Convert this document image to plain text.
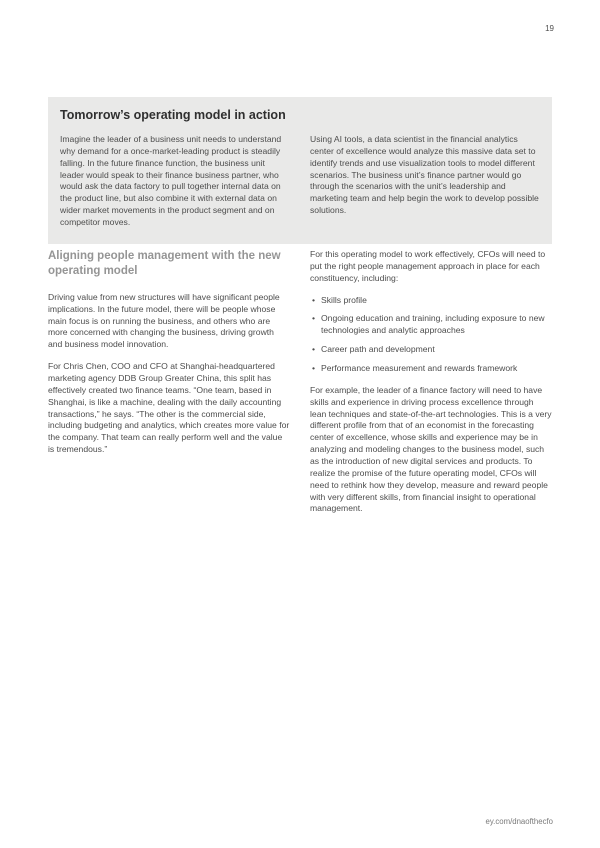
19
Tomorrow’s operating model in action

Imagine the leader of a business unit needs to understand why demand for a once-market-leading product is steadily falling. In the future finance function, the business unit leader would speak to their finance business partner, who would ask the data factory to pull together internal data on the product line, but also combine it with external data on wider market movements in the product segment and on competitor moves.

Using AI tools, a data scientist in the financial analytics center of excellence would analyze this massive data set to identify trends and use visualization tools to model different scenarios. The business unit’s finance partner would go through the scenarios with the unit’s leadership and marketing team and help begin the work to develop possible solutions.

Aligning people management with the new operating model

Driving value from new structures will have significant people implications. In the future model, there will be people whose main focus is on running the business, and others who are more concerned with changing the business, driving growth and business model innovation.

For Chris Chen, COO and CFO at Shanghai-headquartered marketing agency DDB Group Greater China, this split has effectively created two finance teams. “One team, based in Shanghai, is like a machine, dealing with the daily accounting transactions,” he says. “The other is the commercial side, including budgeting and analytics, which creates more value for the company. That team can really perform well and the value is tremendous.”

For this operating model to work effectively, CFOs will need to put the right people management approach in place for each constituency, including:

• Skills profile
• Ongoing education and training, including exposure to new technologies and analytic approaches
• Career path and development
• Performance measurement and rewards framework

For example, the leader of a finance factory will need to have skills and experience in driving process excellence through lean techniques and state-of-the-art technologies. This is a very different profile from that of an economist in the forecasting center of excellence, whose skills and experience may be in analyzing and modeling changes to the business model, such as the introduction of new digital services and products. To realize the promise of the future operating model, CFOs will need to rethink how they develop, measure and reward people with very different skills, from financial insight to operational management.

ey.com/dnaofthecfo
